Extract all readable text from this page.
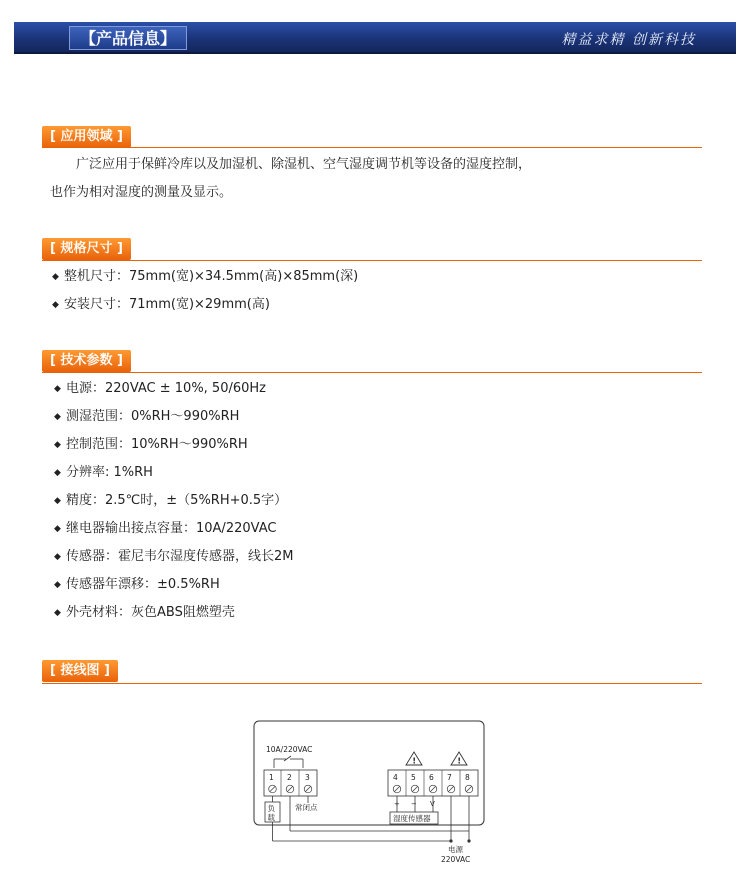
【产品信息】	精益求精 创新科技
[ 应用领域 ]
广泛应用于保鲜冷库以及加湿机、除湿机、空气湿度调节机等设备的湿度控制，
也作为相对湿度的测量及显示。
[ 规格尺寸 ]
◆ 整机尺寸：75mm(宽)×34.5mm(高)×85mm(深)
◆ 安装尺寸：71mm(宽)×29mm(高)
[ 技术参数 ]
◆ 电源：220VAC ± 10%, 50/60Hz
◆ 测湿范围：0%RH～990%RH
◆ 控制范围：10%RH～990%RH
◆ 分辨率: 1%RH
◆ 精度：2.5℃时，±（5%RH+0.5字）
◆ 继电器输出接点容量：10A/220VAC
◆ 传感器：霍尼韦尔湿度传感器，线长2M
◆ 传感器年漂移：±0.5%RH
◆ 外壳材料：灰色ABS阻燃塑壳
[ 接线图 ]
10A/220VAC
1 2 3	4 5 6 7 8
!	!
负
载
常闭点	+ − V
湿度传感器
电源
220VAC
